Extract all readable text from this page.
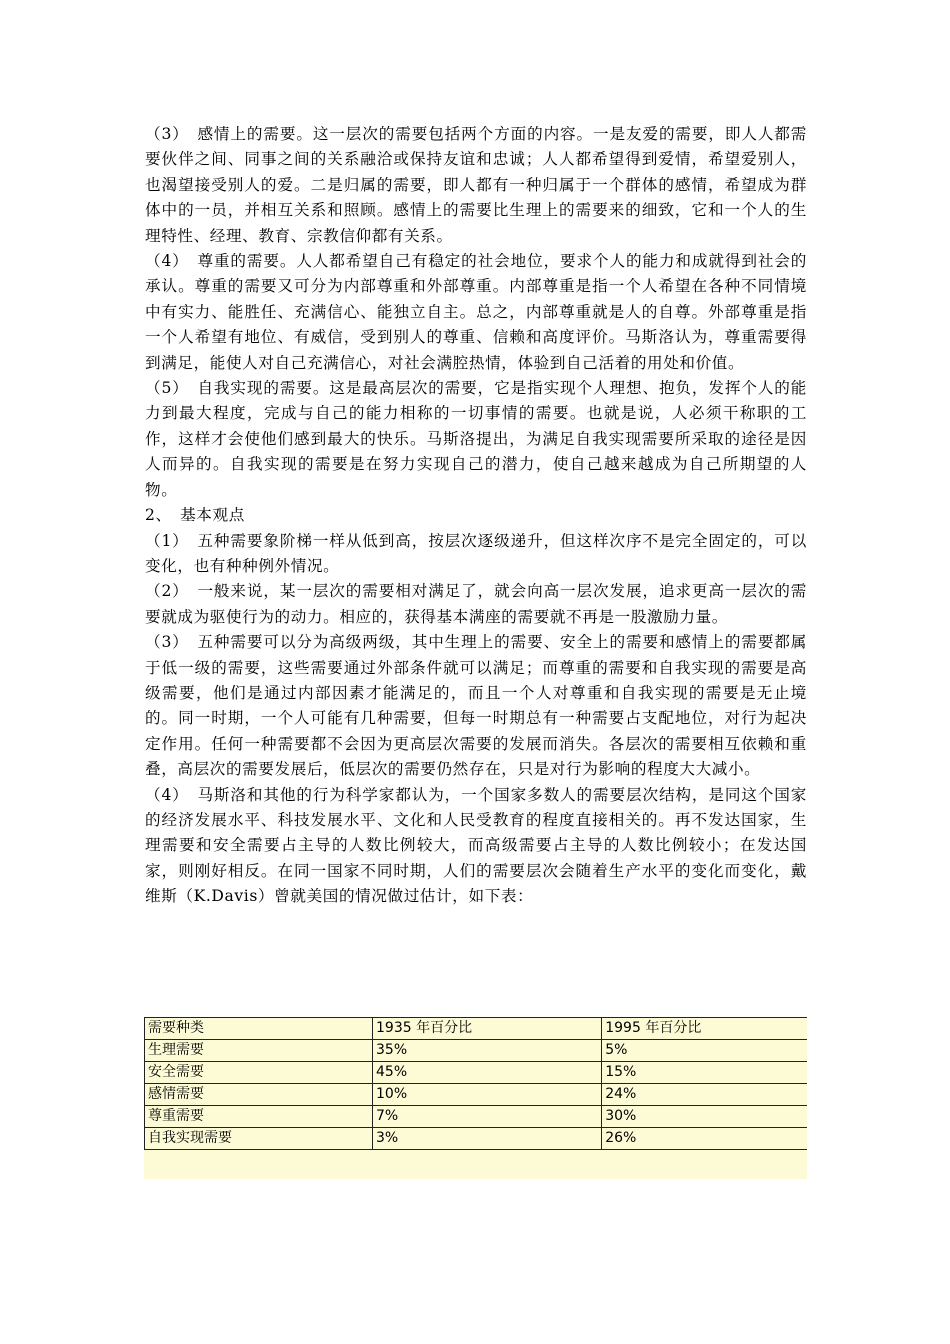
（3）　感情上的需要。这一层次的需要包括两个方面的内容。一是友爱的需要，即人人都需要伙伴之间、同事之间的关系融洽或保持友谊和忠诚；人人都希望得到爱情，希望爱别人，也渴望接受别人的爱。二是归属的需要，即人都有一种归属于一个群体的感情，希望成为群体中的一员，并相互关系和照顾。感情上的需要比生理上的需要来的细致，它和一个人的生理特性、经理、教育、宗教信仰都有关系。

（4）　尊重的需要。人人都希望自己有稳定的社会地位，要求个人的能力和成就得到社会的承认。尊重的需要又可分为内部尊重和外部尊重。内部尊重是指一个人希望在各种不同情境中有实力、能胜任、充满信心、能独立自主。总之，内部尊重就是人的自尊。外部尊重是指一个人希望有地位、有威信，受到别人的尊重、信赖和高度评价。马斯洛认为，尊重需要得到满足，能使人对自己充满信心，对社会满腔热情，体验到自己活着的用处和价值。

（5）　自我实现的需要。这是最高层次的需要，它是指实现个人理想、抱负，发挥个人的能力到最大程度，完成与自己的能力相称的一切事情的需要。也就是说，人必须干称职的工作，这样才会使他们感到最大的快乐。马斯洛提出，为满足自我实现需要所采取的途径是因人而异的。自我实现的需要是在努力实现自己的潜力，使自己越来越成为自己所期望的人物。

2、　基本观点

（1）　五种需要象阶梯一样从低到高，按层次逐级递升，但这样次序不是完全固定的，可以变化，也有种种例外情况。

（2）　一般来说，某一层次的需要相对满足了，就会向高一层次发展，追求更高一层次的需要就成为驱使行为的动力。相应的，获得基本满座的需要就不再是一股激励力量。

（3）　五种需要可以分为高级两级，其中生理上的需要、安全上的需要和感情上的需要都属于低一级的需要，这些需要通过外部条件就可以满足；而尊重的需要和自我实现的需要是高级需要，他们是通过内部因素才能满足的，而且一个人对尊重和自我实现的需要是无止境的。同一时期，一个人可能有几种需要，但每一时期总有一种需要占支配地位，对行为起决定作用。任何一种需要都不会因为更高层次需要的发展而消失。各层次的需要相互依赖和重叠，高层次的需要发展后，低层次的需要仍然存在，只是对行为影响的程度大大减小。

（4）　马斯洛和其他的行为科学家都认为，一个国家多数人的需要层次结构，是同这个国家的经济发展水平、科技发展水平、文化和人民受教育的程度直接相关的。再不发达国家，生理需要和安全需要占主导的人数比例较大，而高级需要占主导的人数比例较小；在发达国家，则刚好相反。在同一国家不同时期，人们的需要层次会随着生产水平的变化而变化，戴维斯（K.Davis）曾就美国的情况做过估计，如下表：

需要种类	1935 年百分比	1995 年百分比
生理需要	35%	5%
安全需要	45%	15%
感情需要	10%	24%
尊重需要	7%	30%
自我实现需要	3%	26%
